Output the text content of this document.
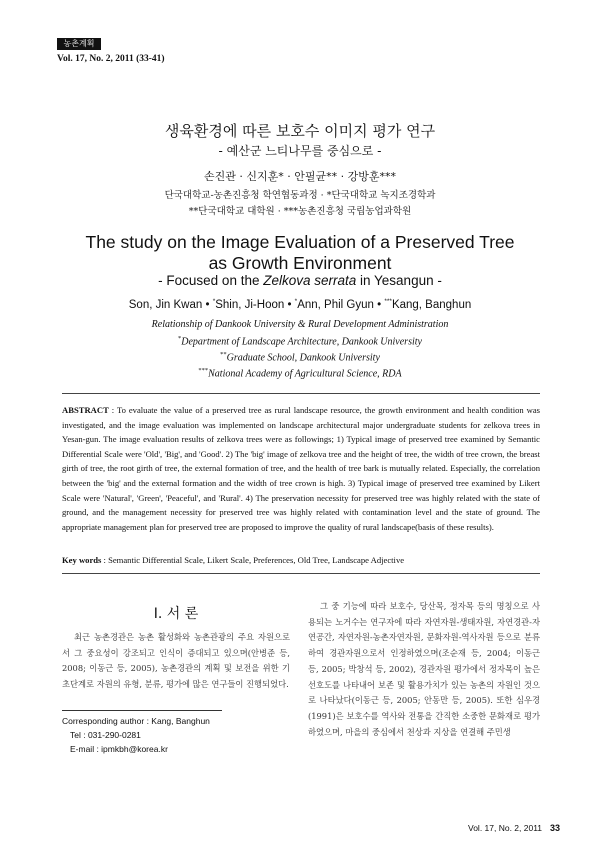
농촌계획
Vol. 17, No. 2, 2011 (33-41)
생육환경에 따른 보호수 이미지 평가 연구
- 예산군 느티나무를 중심으로 -
손진관 · 신지훈* · 안필균** · 강방훈***
단국대학교-농촌진흥청 학연협동과정 · *단국대학교 녹지조경학과
**단국대학교 대학원 · ***농촌진흥청 국립농업과학원
The study on the Image Evaluation of a Preserved Tree
as Growth Environment
- Focused on the Zelkova serrata in Yesangun -
Son, Jin Kwan • *Shin, Ji-Hoon • *Ann, Phil Gyun • ***Kang, Banghun
Relationship of Dankook University & Rural Development Administration
*Department of Landscape Architecture, Dankook University
**Graduate School, Dankook University
***National Academy of Agricultural Science, RDA
ABSTRACT : To evaluate the value of a preserved tree as rural landscape resource, the growth environment and health condition was investigated, and the image evaluation was implemented on landscape architectural major undergraduate students for zelkova trees in Yesan-gun. The image evaluation results of zelkova trees were as followings; 1) Typical image of preserved tree examined by Semantic Differential Scale were 'Old', 'Big', and 'Good'. 2) The 'big' image of zelkova tree and the height of tree, the width of tree crown, the breast girth of tree, the root girth of tree, the external formation of tree, and the health of tree bark is mutually related. Especially, the correlation between the 'big' and the external formation and the width of tree crown is high. 3) Typical image of preserved tree examined by Likert Scale were 'Natural', 'Green', 'Peaceful', and 'Rural'. 4) The preservation necessity for preserved tree was highly related with the state of ground, and the management necessity for preserved tree was highly related with contamination level and the state of ground. The appropriate management plan for preserved tree are proposed to improve the quality of rural landscape(basis of these results).
Key words : Semantic Differential Scale, Likert Scale, Preferences, Old Tree, Landscape Adjective
Ⅰ. 서 론

최근 농촌경관은 농촌 활성화와 농촌관광의 주요 자원으로서 그 중요성이 강조되고 인식이 증대되고 있으며(안병준 등, 2008; 이동근 등, 2005), 농촌경관의 계획 및 보전을 위한 기초단계로 자원의 유형, 분류, 평가에 많은 연구들이 진행되었다.

그 중 기능에 따라 보호수, 당산목, 정자목 등의 명칭으로 사용되는 노거수는 연구자에 따라 자연자원-생태자원, 자연경관-자연공간, 자연자원-농촌자연자원, 문화자원-역사자원 등으로 분류하여 경관자원으로서 인정하였으며(조순재 등, 2004; 이동근 등, 2005; 박창석 등, 2002), 경관자원 평가에서 정자목이 높은 선호도를 나타내어 보존 및 활용가치가 있는 농촌의 자원인 것으로 나타났다(이동근 등, 2005; 안동만 등, 2005). 또한 심우경(1991)은 보호수를 역사와 전통을 간직한 소중한 문화재로 평가하였으며, 마을의 중심에서 천상과 지상을 연결해 주민생

Corresponding author : Kang, Banghun
Tel : 031-290-0281
E-mail : ipmkbh@korea.kr
Vol. 17, No. 2, 2011 33
